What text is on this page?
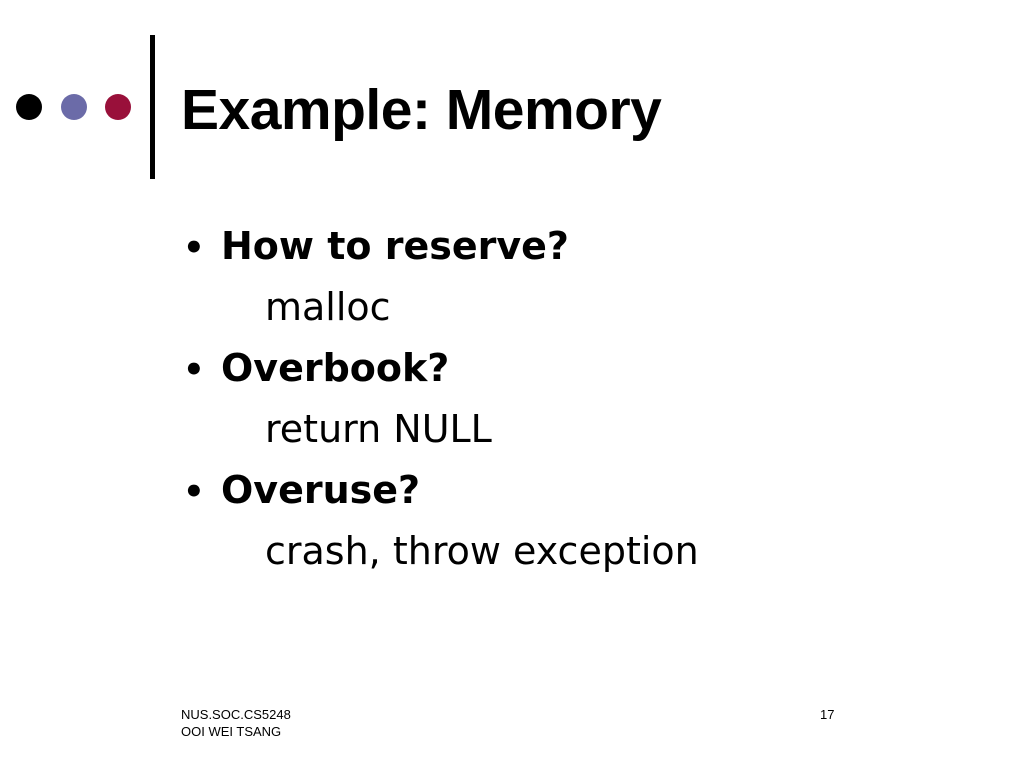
Example: Memory
• How to reserve?
malloc
• Overbook?
return NULL
• Overuse?
crash, throw exception
NUS.SOC.CS5248
OOI WEI TSANG
17
